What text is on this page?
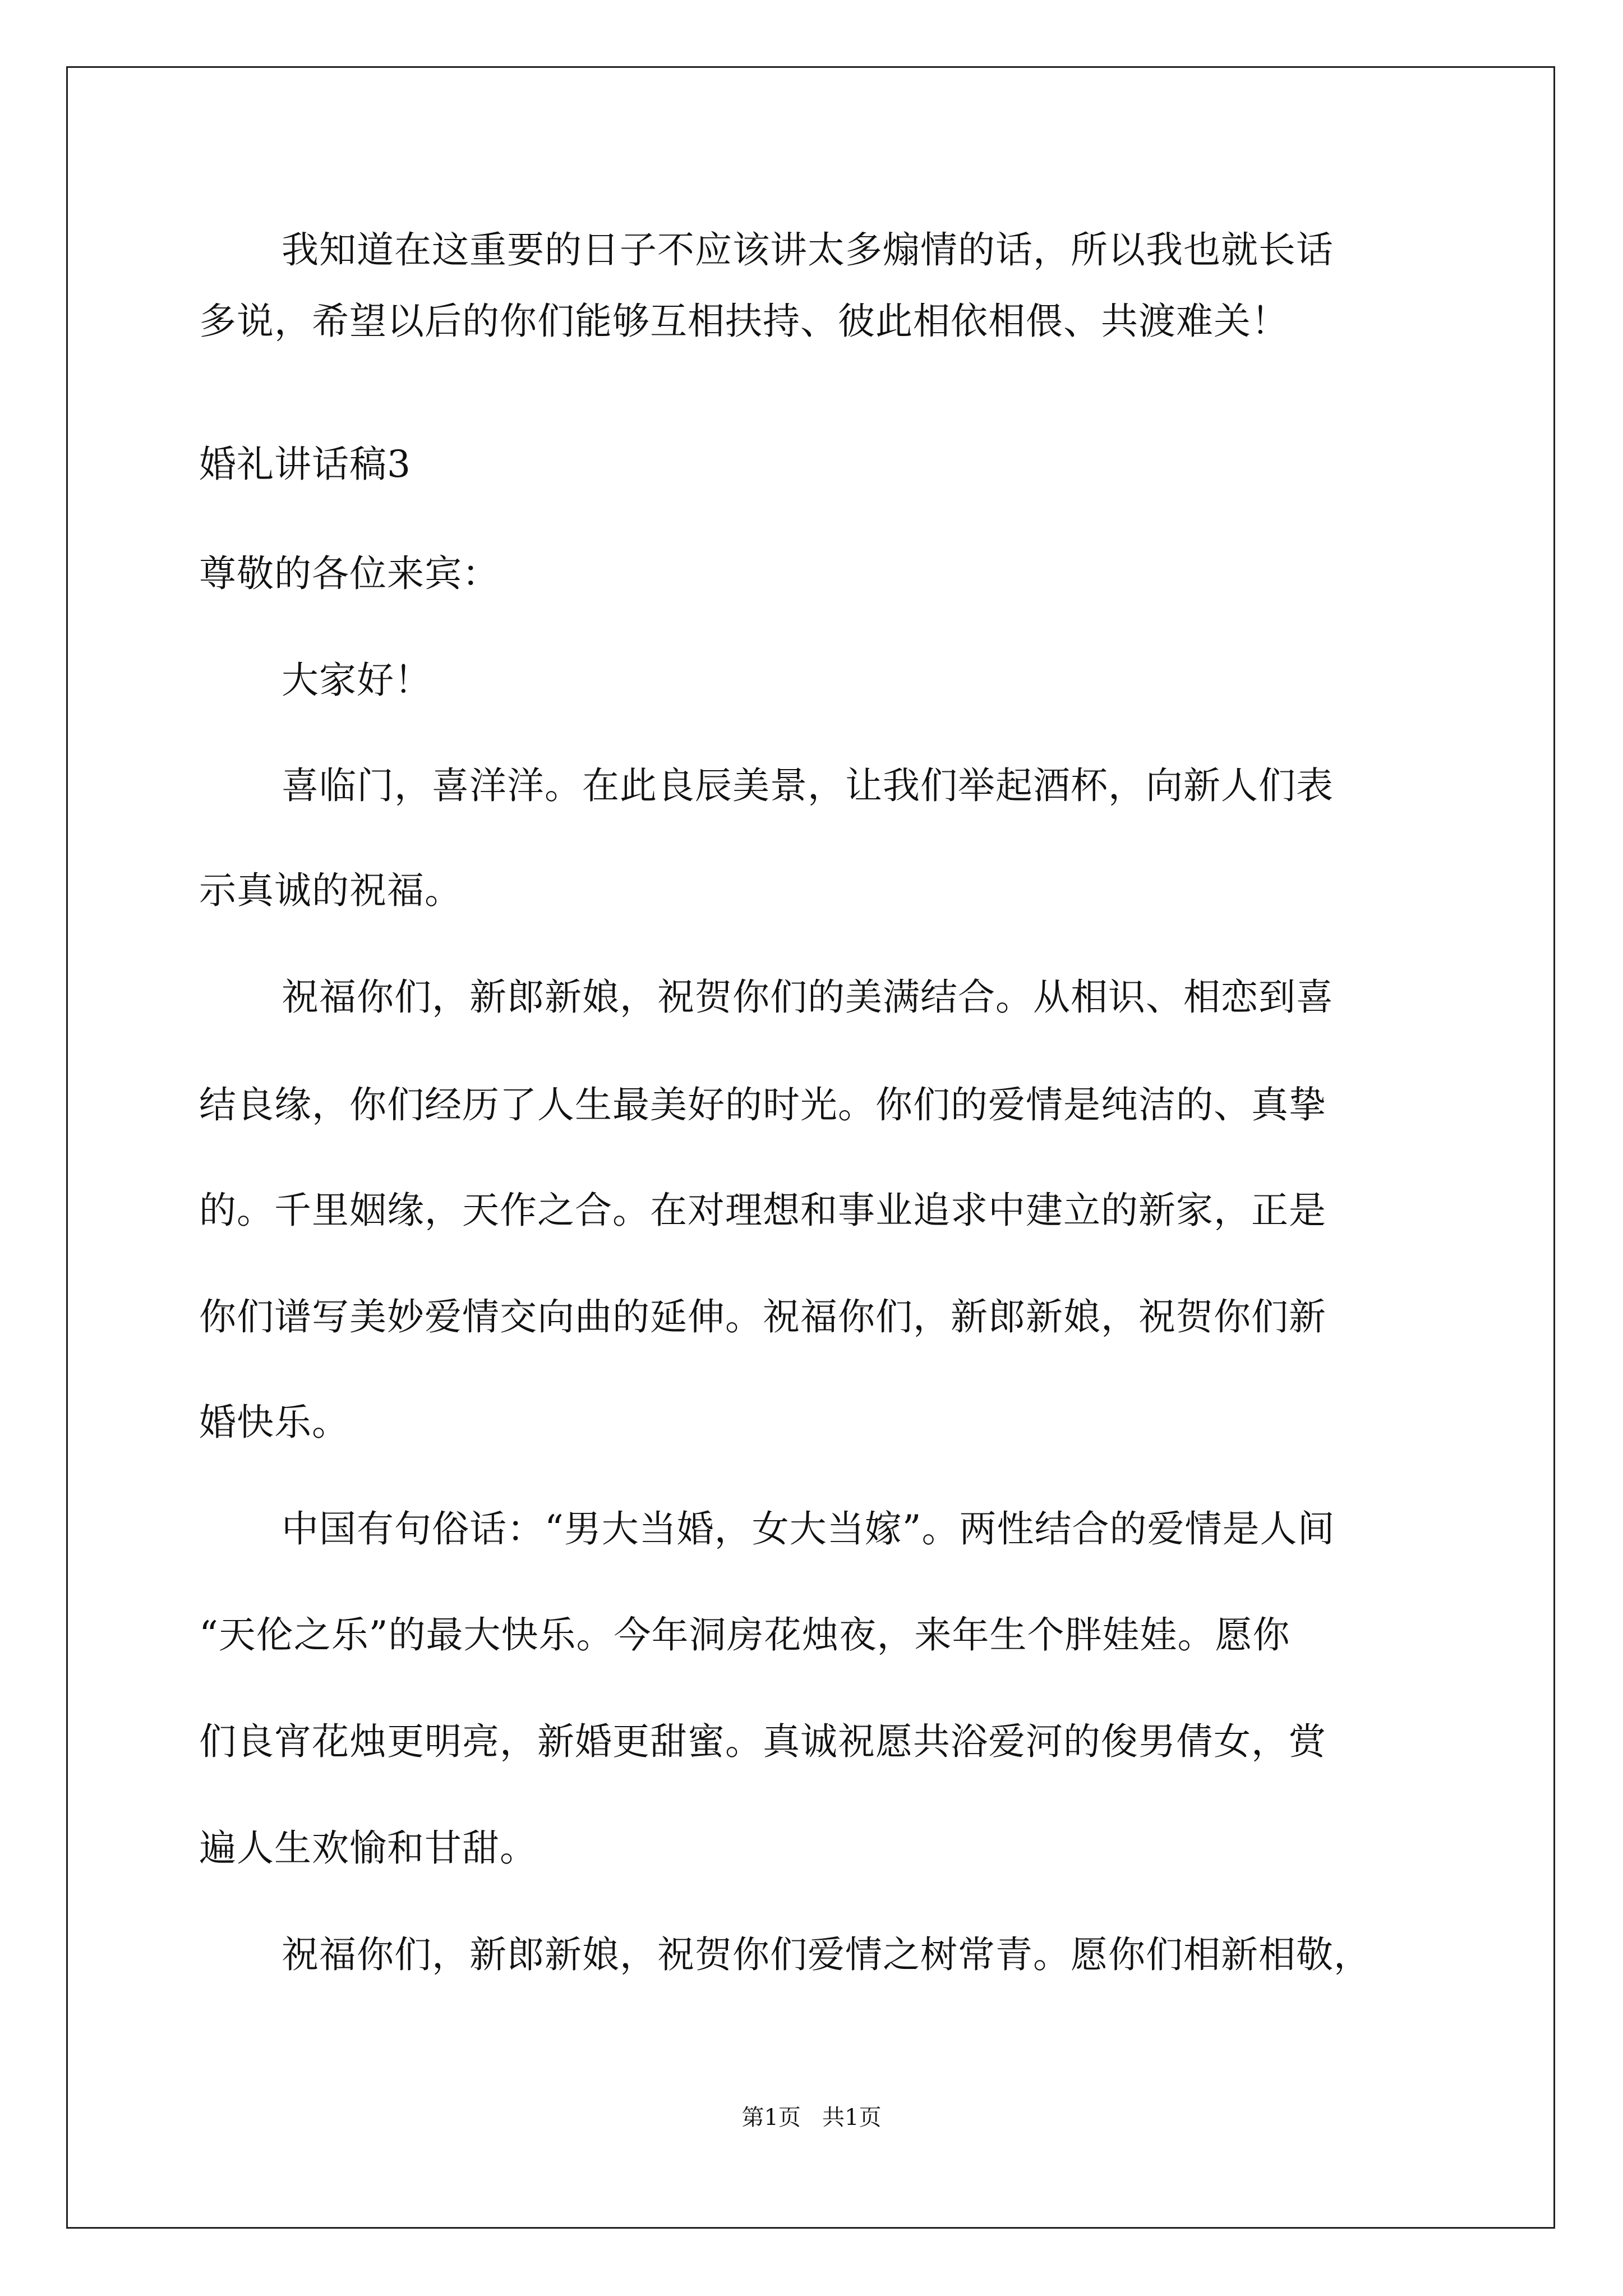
我知道在这重要的日子不应该讲太多煽情的话，所以我也就长话
多说，希望以后的你们能够互相扶持、彼此相依相偎、共渡难关！
婚礼讲话稿3
尊敬的各位来宾：
大家好！
喜临门，喜洋洋。在此良辰美景，让我们举起酒杯，向新人们表
示真诚的祝福。
祝福你们，新郎新娘，祝贺你们的美满结合。从相识、相恋到喜
结良缘，你们经历了人生最美好的时光。你们的爱情是纯洁的、真挚
的。千里姻缘，天作之合。在对理想和事业追求中建立的新家，正是
你们谱写美妙爱情交向曲的延伸。祝福你们，新郎新娘，祝贺你们新
婚快乐。
中国有句俗话：“男大当婚，女大当嫁”。两性结合的爱情是人间
“天伦之乐”的最大快乐。今年洞房花烛夜，来年生个胖娃娃。愿你
们良宵花烛更明亮，新婚更甜蜜。真诚祝愿共浴爱河的俊男倩女，赏
遍人生欢愉和甘甜。
祝福你们，新郎新娘，祝贺你们爱情之树常青。愿你们相新相敬，
第1页   共1页
